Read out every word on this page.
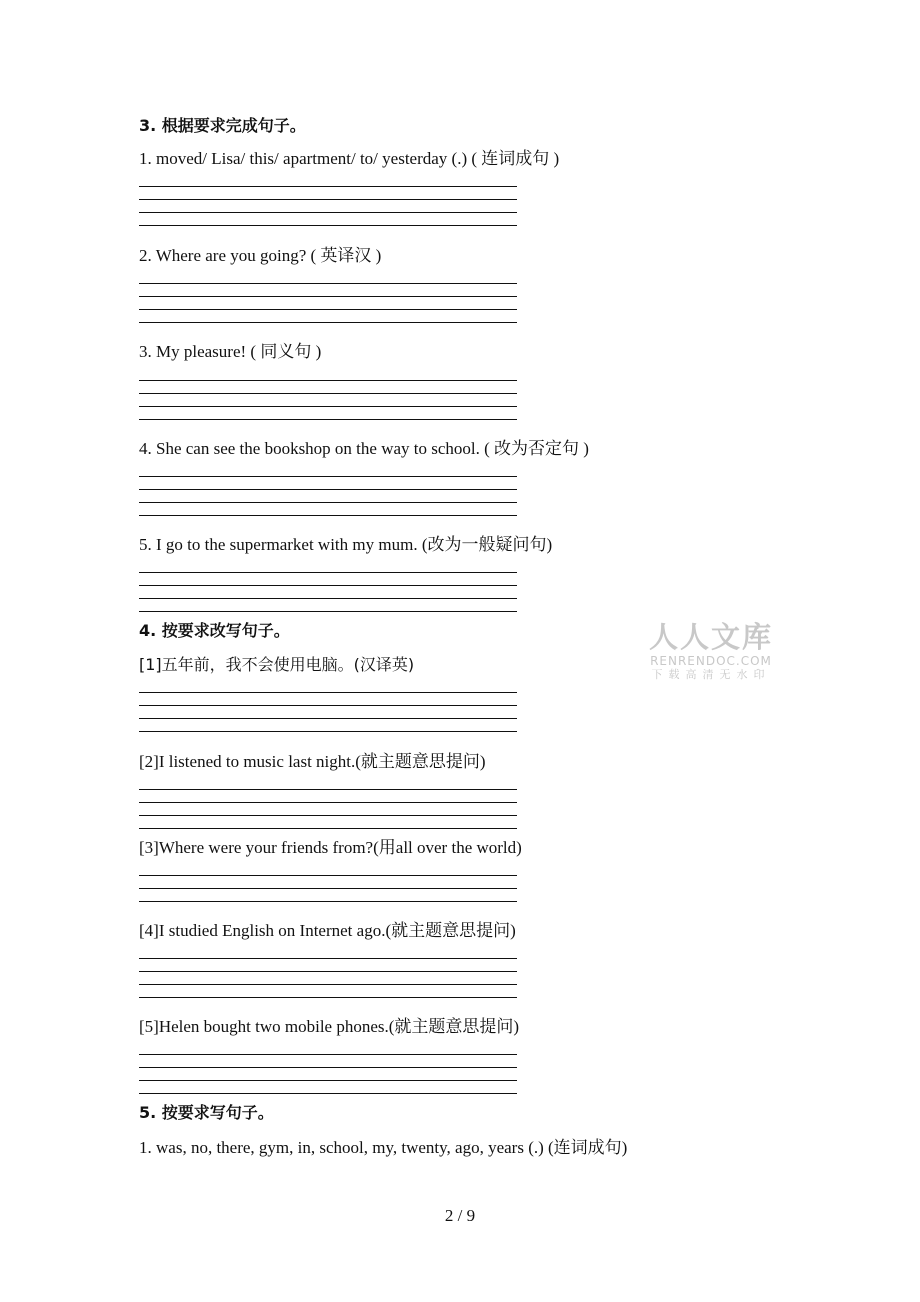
3. 根据要求完成句子。
1. moved/ Lisa/ this/ apartment/ to/ yesterday (.) ( 连词成句 )
2. Where are you going? ( 英译汉 )
3. My pleasure! ( 同义句 )
4. She can see the bookshop on the way to school. ( 改为否定句 )
5. I go to the supermarket with my mum. (改为一般疑问句)
4. 按要求改写句子。
[1]五年前，我不会使用电脑。(汉译英)
[2]I listened to music last night.(就主题意思提问)
[3]Where were your friends from?(用all over the world)
[4]I studied English on Internet ago.(就主题意思提问)
[5]Helen bought two mobile phones.(就主题意思提问)
5. 按要求写句子。
1. was, no, there, gym, in, school, my, twenty, ago, years (.) (连词成句)
人人文库
RENRENDOC.COM
下载高清无水印
2 / 9
